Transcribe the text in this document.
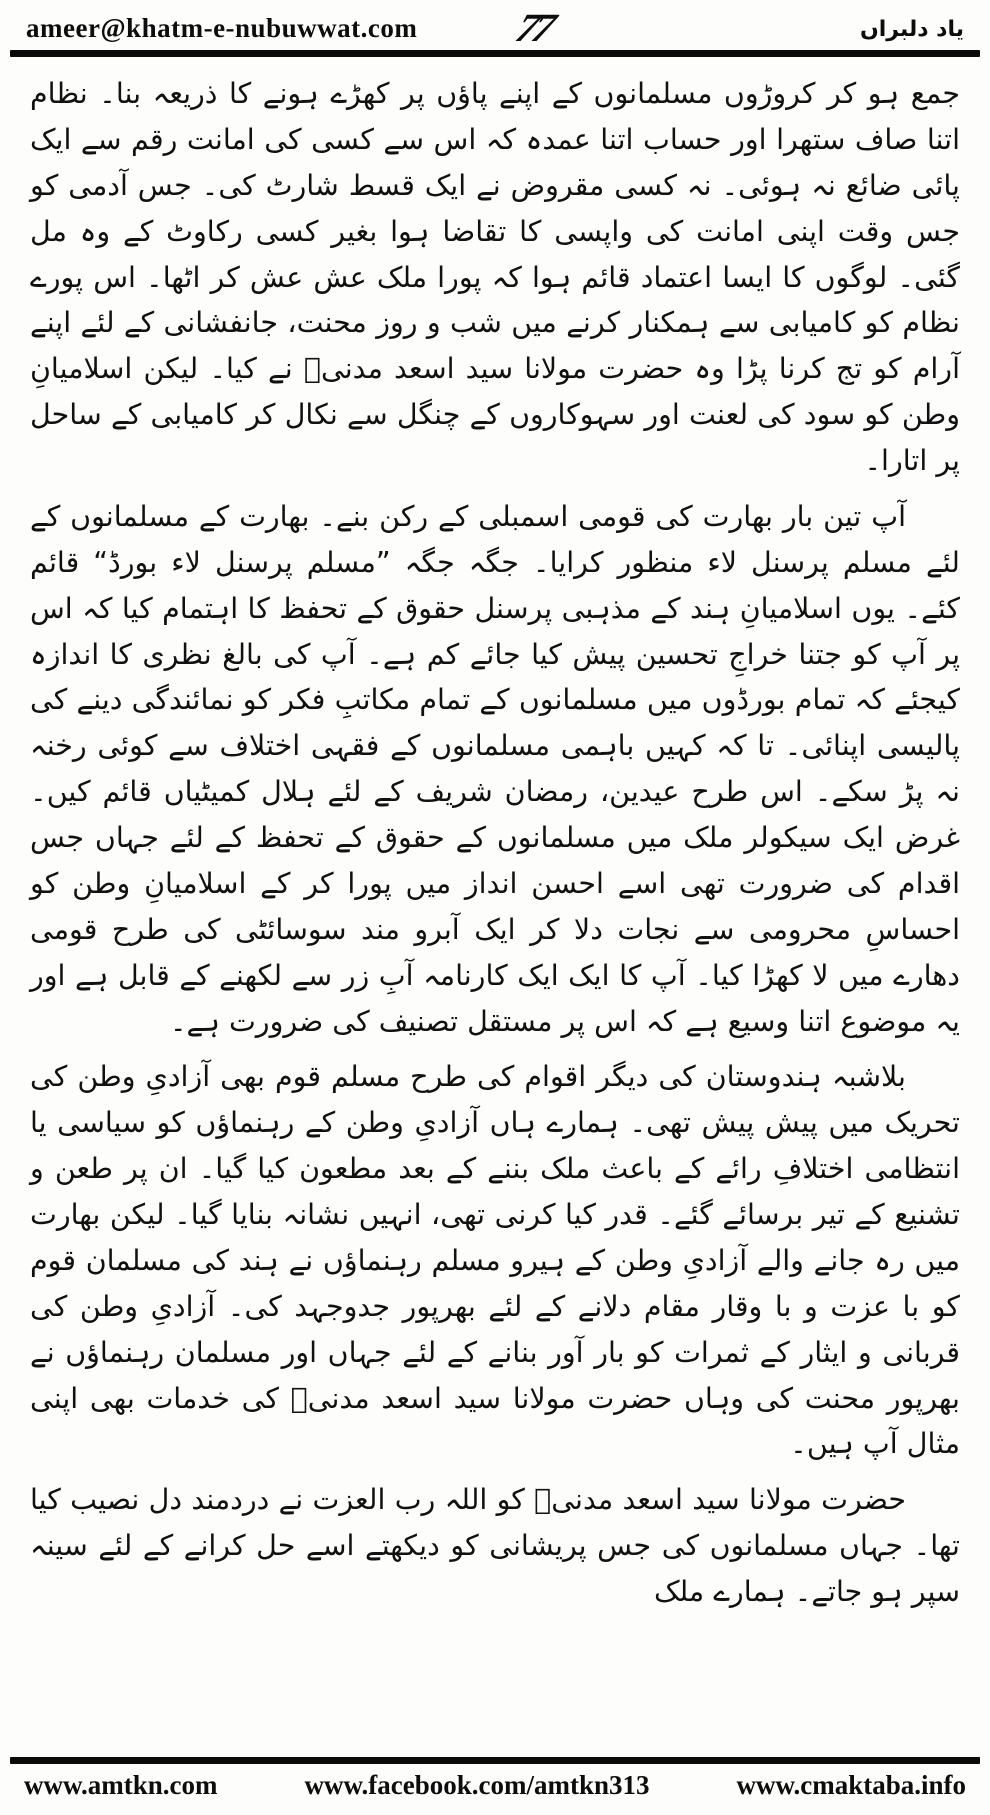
ameer@khatm-e-nubuwwat.com 77	یاد دلبراں

جمع ہو کر کروڑوں مسلمانوں کے اپنے پاؤں پر کھڑے ہونے کا ذریعہ بنا۔ نظام اتنا صاف ستھرا اور حساب اتنا عمدہ کہ اس سے کسی کی امانت رقم سے ایک پائی ضائع نہ ہوئی۔ نہ کسی مقروض نے ایک قسط شارٹ کی۔ جس آدمی کو جس وقت اپنی امانت کی واپسی کا تقاضا ہوا بغیر کسی رکاوٹ کے وہ مل گئی۔ لوگوں کا ایسا اعتماد قائم ہوا کہ پورا ملک عش عش کر اٹھا۔ اس پورے نظام کو کامیابی سے ہمکنار کرنے میں شب و روز محنت، جانفشانی کے لئے اپنے آرام کو تج کرنا پڑا وہ حضرت مولانا سید اسعد مدنیؒ نے کیا۔ لیکن اسلامیانِ وطن کو سود کی لعنت اور سہوکاروں کے چنگل سے نکال کر کامیابی کے ساحل پر اتارا۔

آپ تین بار بھارت کی قومی اسمبلی کے رکن بنے۔ بھارت کے مسلمانوں کے لئے مسلم پرسنل لاء منظور کرایا۔ جگہ جگہ ”مسلم پرسنل لاء بورڈ“ قائم کئے۔ یوں اسلامیانِ ہند کے مذہبی پرسنل حقوق کے تحفظ کا اہتمام کیا کہ اس پر آپ کو جتنا خراجِ تحسین پیش کیا جائے کم ہے۔ آپ کی بالغ نظری کا اندازہ کیجئے کہ تمام بورڈوں میں مسلمانوں کے تمام مکاتبِ فکر کو نمائندگی دینے کی پالیسی اپنائی۔ تا کہ کہیں باہمی مسلمانوں کے فقہی اختلاف سے کوئی رخنہ نہ پڑ سکے۔ اس طرح عیدین، رمضان شریف کے لئے ہلال کمیٹیاں قائم کیں۔ غرض ایک سیکولر ملک میں مسلمانوں کے حقوق کے تحفظ کے لئے جہاں جس اقدام کی ضرورت تھی اسے احسن انداز میں پورا کر کے اسلامیانِ وطن کو احساسِ محرومی سے نجات دلا کر ایک آبرو مند سوسائٹی کی طرح قومی دھارے میں لا کھڑا کیا۔ آپ کا ایک ایک کارنامہ آبِ زر سے لکھنے کے قابل ہے اور یہ موضوع اتنا وسیع ہے کہ اس پر مستقل تصنیف کی ضرورت ہے۔

بلاشبہ ہندوستان کی دیگر اقوام کی طرح مسلم قوم بھی آزادیِ وطن کی تحریک میں پیش پیش تھی۔ ہمارے ہاں آزادیِ وطن کے رہنماؤں کو سیاسی یا انتظامی اختلافِ رائے کے باعث ملک بننے کے بعد مطعون کیا گیا۔ ان پر طعن و تشنیع کے تیر برسائے گئے۔ قدر کیا کرنی تھی، انہیں نشانہ بنایا گیا۔ لیکن بھارت میں رہ جانے والے آزادیِ وطن کے ہیرو مسلم رہنماؤں نے ہند کی مسلمان قوم کو با عزت و با وقار مقام دلانے کے لئے بھرپور جدوجہد کی۔ آزادیِ وطن کی قربانی و ایثار کے ثمرات کو بار آور بنانے کے لئے جہاں اور مسلمان رہنماؤں نے بھرپور محنت کی وہاں حضرت مولانا سید اسعد مدنیؒ کی خدمات بھی اپنی مثال آپ ہیں۔

حضرت مولانا سید اسعد مدنیؒ کو اللہ رب العزت نے دردمند دل نصیب کیا تھا۔ جہاں مسلمانوں کی جس پریشانی کو دیکھتے اسے حل کرانے کے لئے سینہ سپر ہو جاتے۔ ہمارے ملک

www.amtkn.com	www.facebook.com/amtkn313	www.cmaktaba.info
